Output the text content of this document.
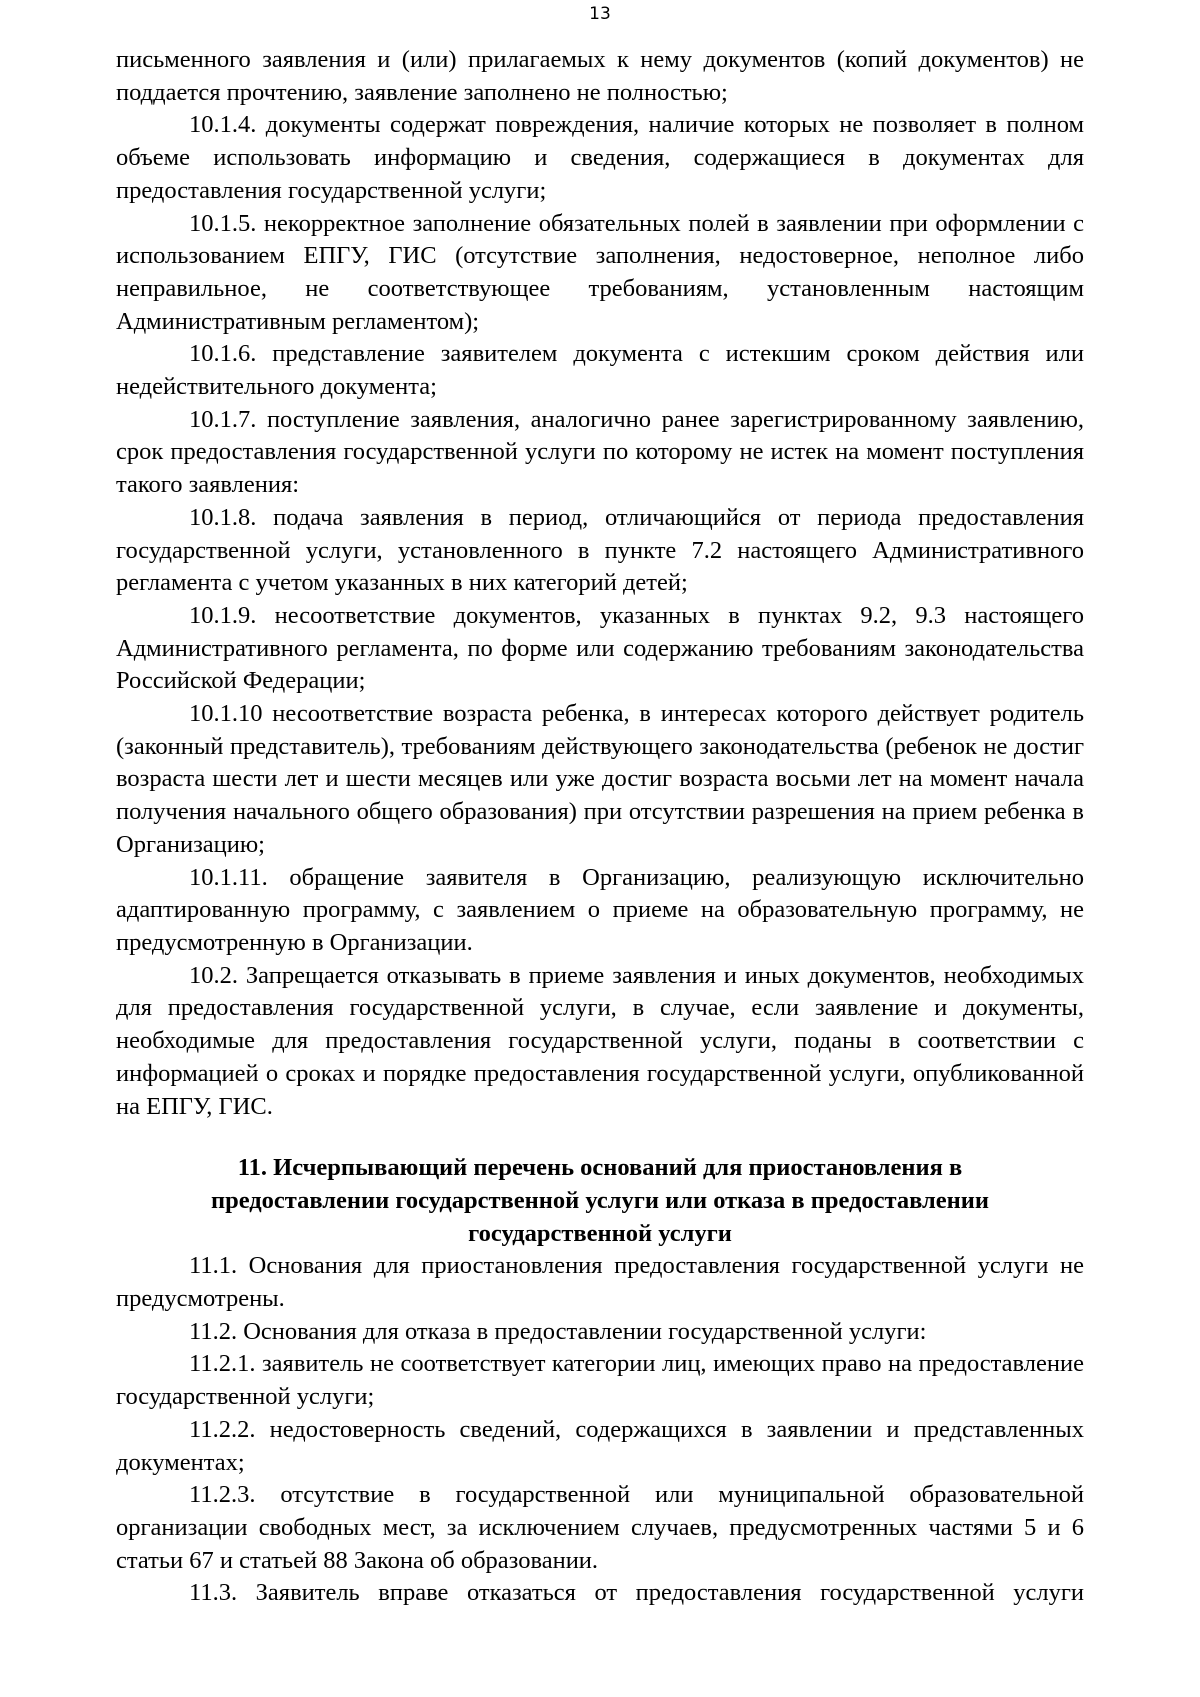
13

письменного заявления и (или) прилагаемых к нему документов (копий документов) не поддается прочтению, заявление заполнено не полностью;

10.1.4. документы содержат повреждения, наличие которых не позволяет в полном объеме использовать информацию и сведения, содержащиеся в документах для предоставления государственной услуги;

10.1.5. некорректное заполнение обязательных полей в заявлении при оформлении с использованием ЕПГУ, ГИС (отсутствие заполнения, недостоверное, неполное либо неправильное, не соответствующее требованиям, установленным настоящим Административным регламентом);

10.1.6. представление заявителем документа с истекшим сроком действия или недействительного документа;

10.1.7. поступление заявления, аналогично ранее зарегистрированному заявлению, срок предоставления государственной услуги по которому не истек на момент поступления такого заявления:

10.1.8. подача заявления в период, отличающийся от периода предоставления государственной услуги, установленного в пункте 7.2 настоящего Административного регламента с учетом указанных в них категорий детей;

10.1.9. несоответствие документов, указанных в пунктах 9.2, 9.3 настоящего Административного регламента, по форме или содержанию требованиям законодательства Российской Федерации;

10.1.10 несоответствие возраста ребенка, в интересах которого действует родитель (законный представитель), требованиям действующего законодательства (ребенок не достиг возраста шести лет и шести месяцев или уже достиг возраста восьми лет на момент начала получения начального общего образования) при отсутствии разрешения на прием ребенка в Организацию;

10.1.11. обращение заявителя в Организацию, реализующую исключительно адаптированную программу, с заявлением о приеме на образовательную программу, не предусмотренную в Организации.

10.2. Запрещается отказывать в приеме заявления и иных документов, необходимых для предоставления государственной услуги, в случае, если заявление и документы, необходимые для предоставления государственной услуги, поданы в соответствии с информацией о сроках и порядке предоставления государственной услуги, опубликованной на ЕПГУ, ГИС.

11. Исчерпывающий перечень оснований для приостановления в
предоставлении государственной услуги или отказа в предоставлении
государственной услуги

11.1. Основания для приостановления предоставления государственной услуги не предусмотрены.

11.2. Основания для отказа в предоставлении государственной услуги:

11.2.1. заявитель не соответствует категории лиц, имеющих право на предоставление государственной услуги;

11.2.2. недостоверность сведений, содержащихся в заявлении и представленных документах;

11.2.3. отсутствие в государственной или муниципальной образовательной организации свободных мест, за исключением случаев, предусмотренных частями 5 и 6 статьи 67 и статьей 88 Закона об образовании.

11.3. Заявитель вправе отказаться от предоставления государственной услуги
